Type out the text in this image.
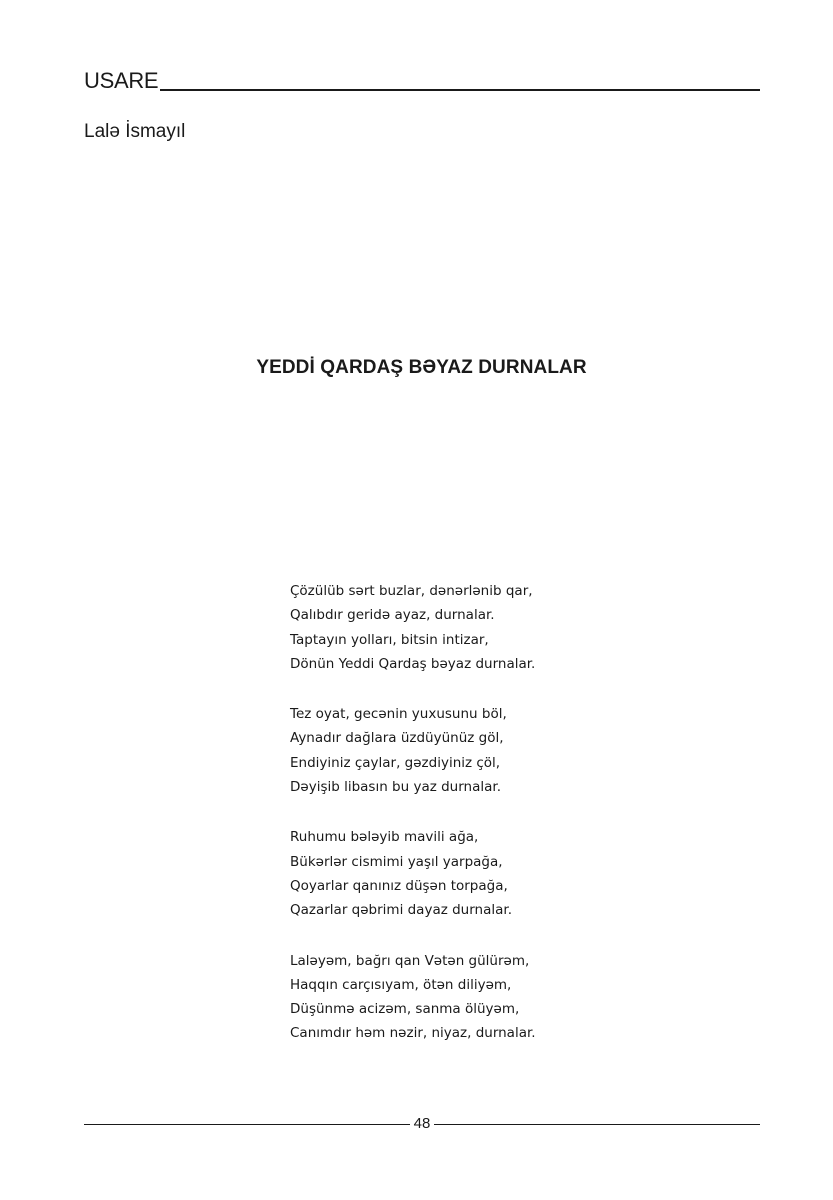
USARE
Lalə İsmayıl
YEDDİ QARDAŞ BƏYAZ DURNALAR
Çözülüb sərt buzlar, dənərlənib qar,
Qalıbdır geridə ayaz, durnalar.
Taptayın yolları, bitsin intizar,
Dönün Yeddi Qardaş bəyaz durnalar.
Tez oyat, gecənin yuxusunu böl,
Aynadır dağlara üzdüyünüz göl,
Endiyiniz çaylar, gəzdiyiniz çöl,
Dəyişib libasın bu yaz durnalar.
Ruhumu bələyib mavili ağa,
Bükərlər cismimi yaşıl yarpağa,
Qoyarlar qanınız düşən torpağa,
Qazarlar qəbrimi dayaz durnalar.
Laləyəm, bağrı qan Vətən gülürəm,
Haqqın carçısıyam, ötən diliyəm,
Düşünmə acizəm, sanma ölüyəm,
Canımdır həm nəzir, niyaz, durnalar.
48
